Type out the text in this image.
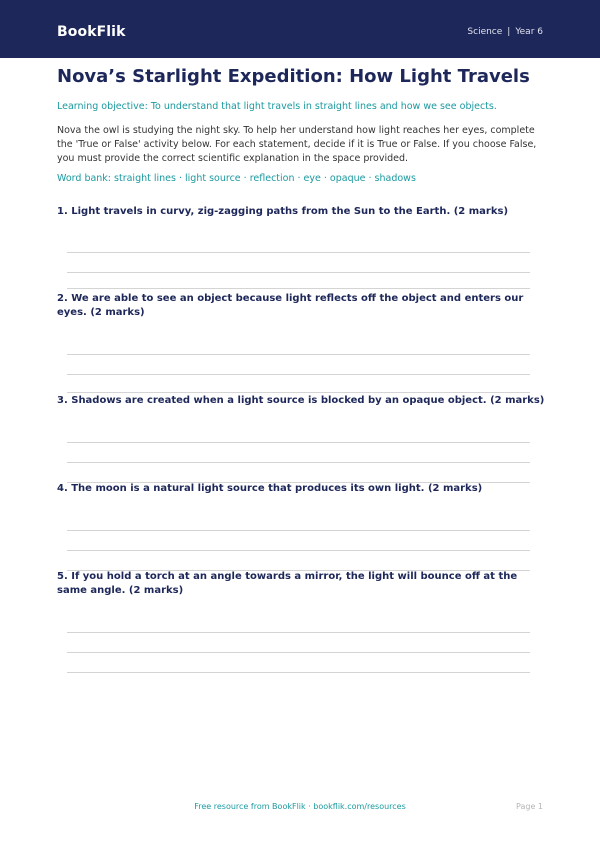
BookFlik	Science | Year 6
Nova’s Starlight Expedition: How Light Travels
Learning objective: To understand that light travels in straight lines and how we see objects.
Nova the owl is studying the night sky. To help her understand how light reaches her eyes, complete the 'True or False' activity below. For each statement, decide if it is True or False. If you choose False, you must provide the correct scientific explanation in the space provided.
Word bank: straight lines · light source · reflection · eye · opaque · shadows
1. Light travels in curvy, zig-zagging paths from the Sun to the Earth. (2 marks)
2. We are able to see an object because light reflects off the object and enters our eyes. (2 marks)
3. Shadows are created when a light source is blocked by an opaque object. (2 marks)
4. The moon is a natural light source that produces its own light. (2 marks)
5. If you hold a torch at an angle towards a mirror, the light will bounce off at the same angle. (2 marks)
Free resource from BookFlik · bookflik.com/resources	Page 1
